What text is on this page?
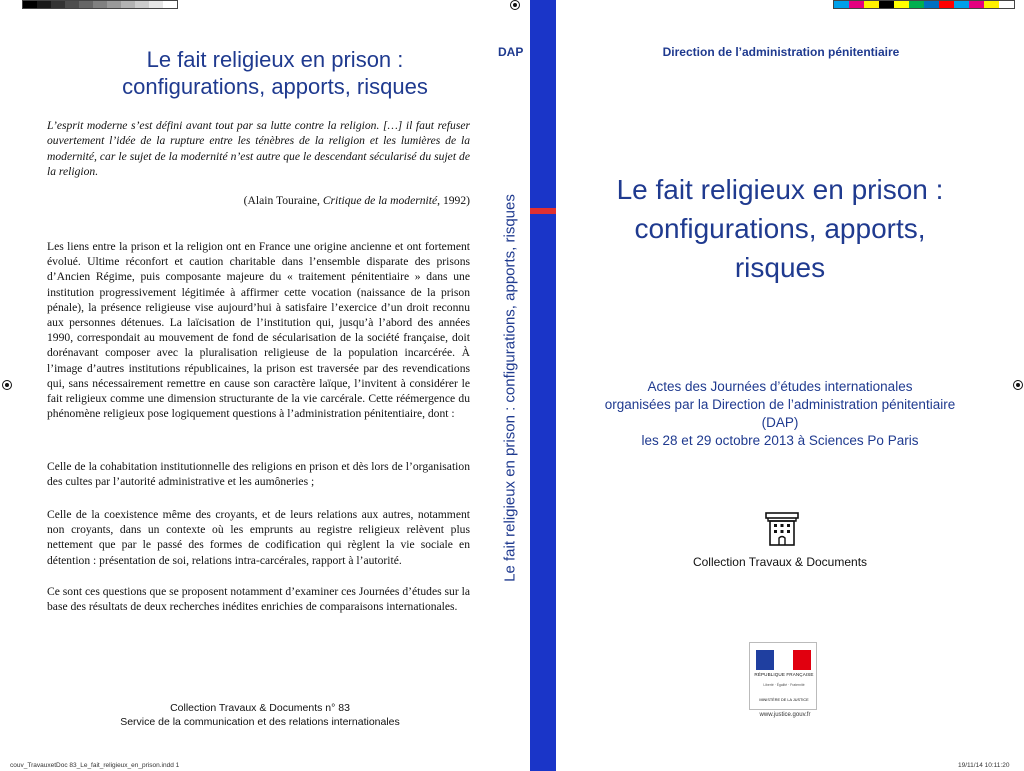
Le fait religieux en prison :
configurations, apports, risques
L’esprit moderne s’est défini avant tout par sa lutte contre la religion. […] il faut refuser ouvertement l’idée de la rupture entre les ténèbres de la religion et les lumières de la modernité, car le sujet de la modernité n’est autre que le descendant sécularisé du sujet de la religion.
(Alain Touraine, Critique de la modernité, 1992)
Les liens entre la prison et la religion ont en France une origine ancienne et ont fortement évolué. Ultime réconfort et caution charitable dans l’ensemble disparate des prisons d’Ancien Régime, puis composante majeure du « traitement pénitentiaire » dans une institution progressivement légitimée à affirmer cette vocation (naissance de la prison pénale), la présence religieuse vise aujourd’hui à satisfaire l’exercice d’un droit reconnu aux personnes détenues. La laïcisation de l’institution qui, jusqu’à l’abord des années 1990, correspondait au mouvement de fond de sécularisation de la société française, doit dorénavant composer avec la pluralisation religieuse de la population incarcérée. À l’image d’autres institutions républicaines, la prison est traversée par des revendications qui, sans nécessairement remettre en cause son caractère laïque, l’invitent à considérer le fait religieux comme une dimension structurante de la vie carcérale. Cette réémergence du phénomène religieux pose logiquement questions à l’administration pénitentiaire, dont :
Celle de la cohabitation institutionnelle des religions en prison et dès lors de l’organisation des cultes par l’autorité administrative et les aumôneries ;
Celle de la coexistence même des croyants, et de leurs relations aux autres, notamment non croyants, dans un contexte où les emprunts au registre religieux relèvent plus nettement que par le passé des formes de codification qui règlent la vie sociale en détention : présentation de soi, relations intra-carcérales, rapport à l’autorité.
Ce sont ces questions que se proposent notamment d’examiner ces Journées d’études sur la base des résultats de deux recherches inédites enrichies de comparaisons internationales.
Collection Travaux & Documents n° 83
Service de la communication et des relations internationales
DAP
Le fait religieux en prison : configurations, apports, risques
Direction de l’administration pénitentiaire
Le fait religieux en prison :
configurations, apports,
risques
Actes des Journées d’études internationales
organisées par la Direction de l’administration pénitentiaire
(DAP)
les 28 et 29 octobre 2013 à Sciences Po Paris
Collection Travaux & Documents
RÉPUBLIQUE FRANÇAISE
Liberté · Égalité · Fraternité
MINISTÈRE DE LA JUSTICE
www.justice.gouv.fr
couv_TravauxetDoc 83_Le_fait_religieux_en_prison.indd 1	19/11/14 10:11:20
